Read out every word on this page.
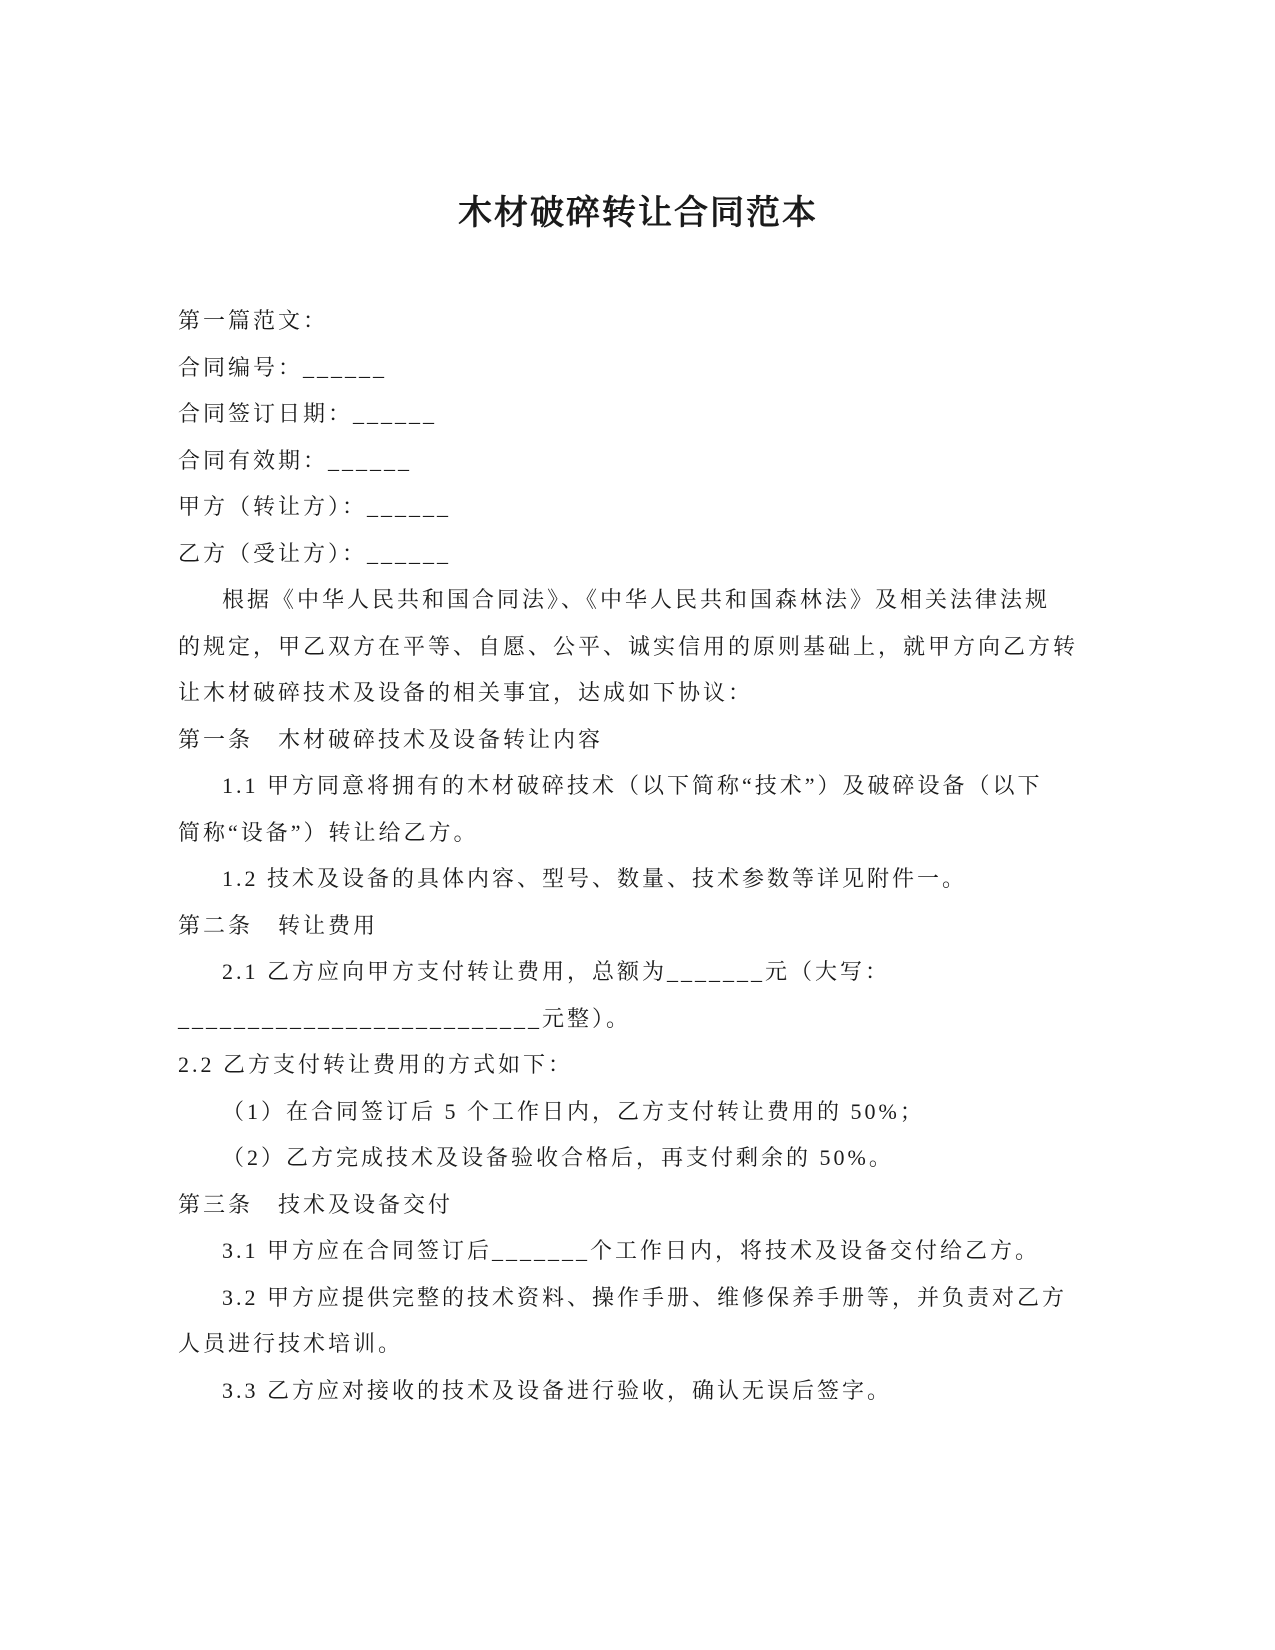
木材破碎转让合同范本
第一篇范文：
合同编号：______
合同签订日期：______
合同有效期：______
甲方（转让方）：______
乙方（受让方）：______
根据《中华人民共和国合同法》、《中华人民共和国森林法》及相关法律法规
的规定，甲乙双方在平等、自愿、公平、诚实信用的原则基础上，就甲方向乙方转
让木材破碎技术及设备的相关事宜，达成如下协议：
第一条　木材破碎技术及设备转让内容
1.1 甲方同意将拥有的木材破碎技术（以下简称“技术”）及破碎设备（以下
简称“设备”）转让给乙方。
1.2 技术及设备的具体内容、型号、数量、技术参数等详见附件一。
第二条　转让费用
2.1 乙方应向甲方支付转让费用，总额为_______元（大写：
__________________________元整）。
2.2 乙方支付转让费用的方式如下：
（1）在合同签订后 5 个工作日内，乙方支付转让费用的 50%；
（2）乙方完成技术及设备验收合格后，再支付剩余的 50%。
第三条　技术及设备交付
3.1 甲方应在合同签订后_______个工作日内，将技术及设备交付给乙方。
3.2 甲方应提供完整的技术资料、操作手册、维修保养手册等，并负责对乙方
人员进行技术培训。
3.3 乙方应对接收的技术及设备进行验收，确认无误后签字。
